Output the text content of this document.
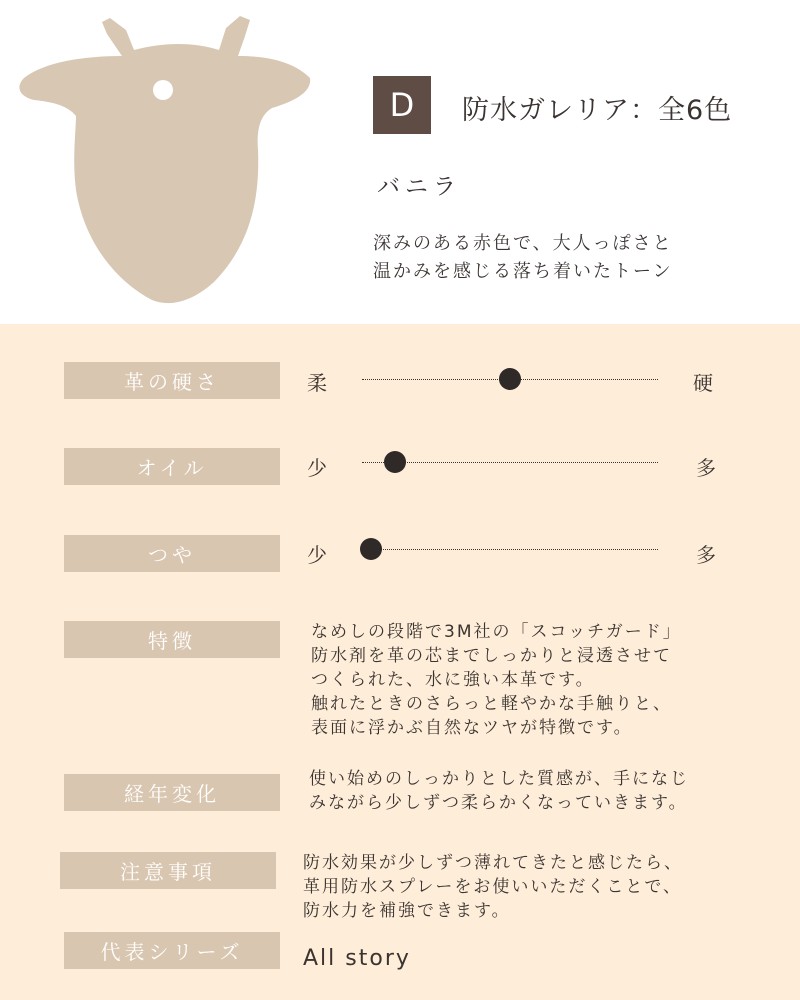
D	防水ガレリア：全6色
バニラ
深みのある赤色で、大人っぽさと
温かみを感じる落ち着いたトーン
革の硬さ	柔	硬
オイル	少	多
つや	少	多
特徴	なめしの段階で3M社の「スコッチガード」
防水剤を革の芯までしっかりと浸透させて
つくられた、水に強い本革です。
触れたときのさらっと軽やかな手触りと、
表面に浮かぶ自然なツヤが特徴です。
経年変化
使い始めのしっかりとした質感が、手になじ
みながら少しずつ柔らかくなっていきます。
注意事項	防水効果が少しずつ薄れてきたと感じたら、
革用防水スプレーをお使いいただくことで、
防水力を補強できます。
代表シリーズ	All story
